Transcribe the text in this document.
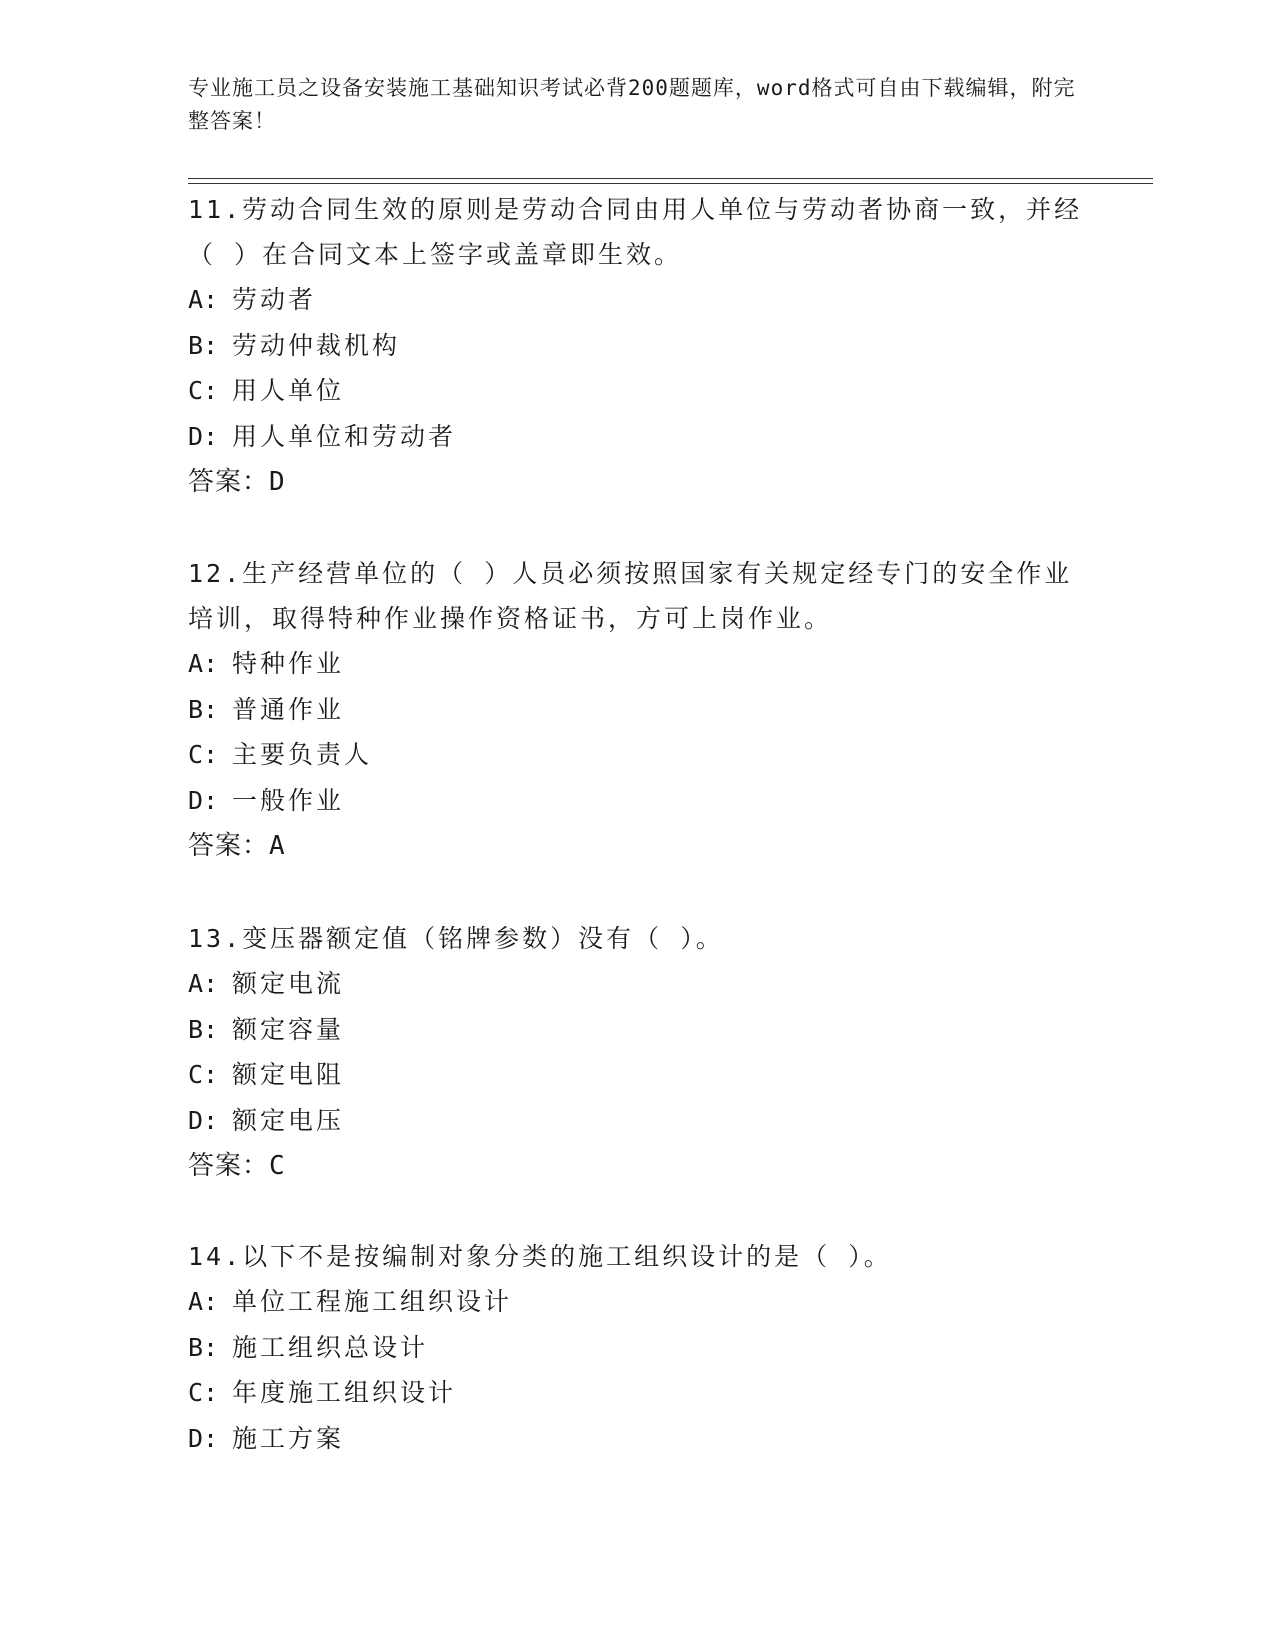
专业施工员之设备安装施工基础知识考试必背200题题库，word格式可自由下载编辑，附完整答案！

11.劳动合同生效的原则是劳动合同由用人单位与劳动者协商一致，并经（ ）在合同文本上签字或盖章即生效。

A: 劳动者

B: 劳动仲裁机构

C: 用人单位

D: 用人单位和劳动者

答案：D

12.生产经营单位的（ ）人员必须按照国家有关规定经专门的安全作业培训，取得特种作业操作资格证书，方可上岗作业。

A: 特种作业

B: 普通作业

C: 主要负责人

D: 一般作业

答案：A

13.变压器额定值（铭牌参数）没有（ ）。

A: 额定电流

B: 额定容量

C: 额定电阻

D: 额定电压

答案：C

14.以下不是按编制对象分类的施工组织设计的是（ ）。

A: 单位工程施工组织设计

B: 施工组织总设计

C: 年度施工组织设计

D: 施工方案
